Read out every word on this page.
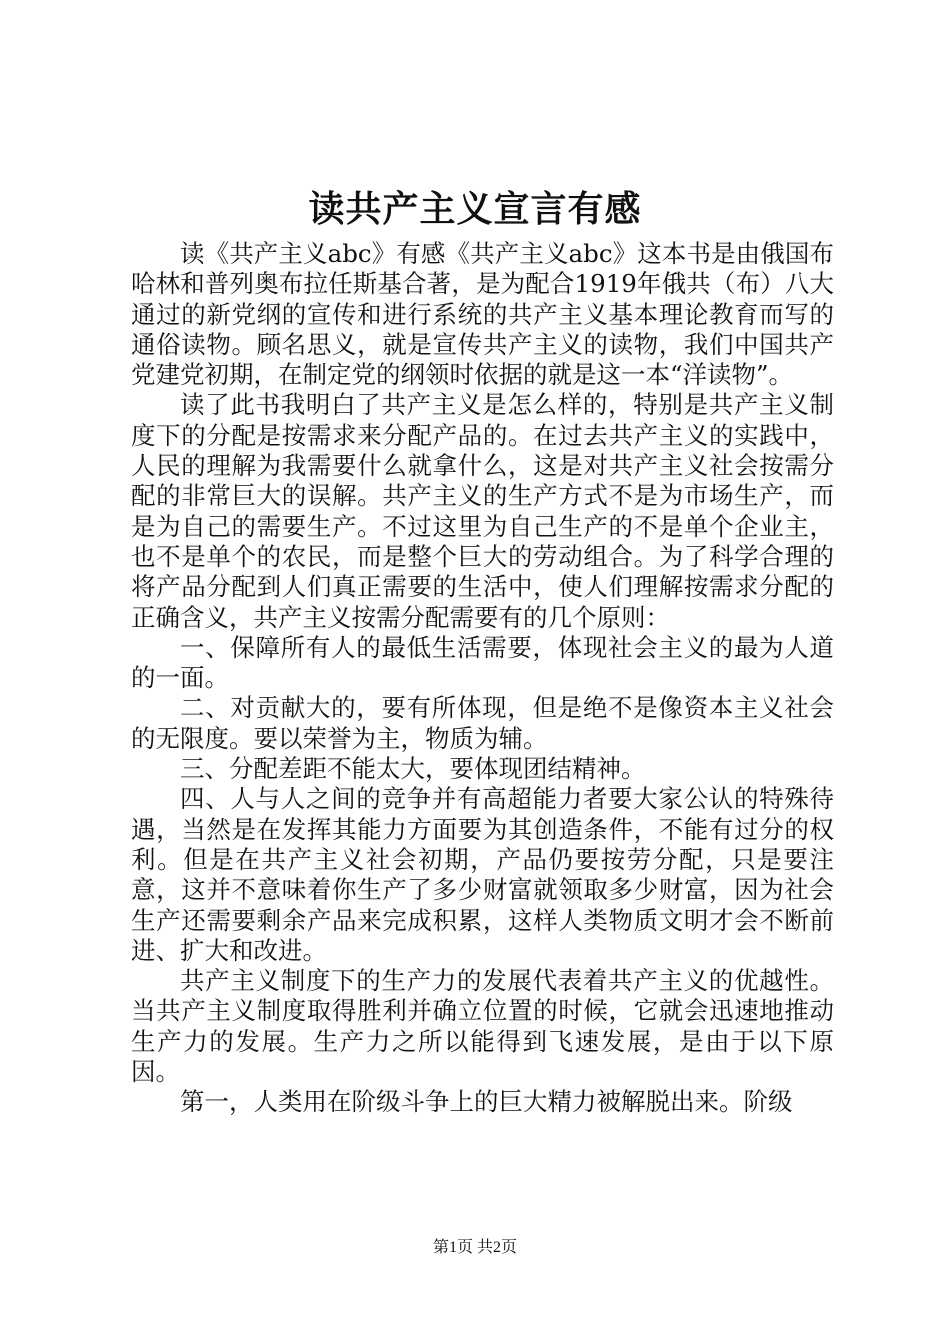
读共产主义宣言有感

读《共产主义abc》有感《共产主义abc》这本书是由俄国布哈林和普列奥布拉任斯基合著，是为配合1919年俄共（布）八大通过的新党纲的宣传和进行系统的共产主义基本理论教育而写的通俗读物。顾名思义，就是宣传共产主义的读物，我们中国共产党建党初期，在制定党的纲领时依据的就是这一本“洋读物”。

读了此书我明白了共产主义是怎么样的，特别是共产主义制度下的分配是按需求来分配产品的。在过去共产主义的实践中，人民的理解为我需要什么就拿什么，这是对共产主义社会按需分配的非常巨大的误解。共产主义的生产方式不是为市场生产，而是为自己的需要生产。不过这里为自己生产的不是单个企业主，也不是单个的农民，而是整个巨大的劳动组合。为了科学合理的将产品分配到人们真正需要的生活中，使人们理解按需求分配的正确含义，共产主义按需分配需要有的几个原则：

一、保障所有人的最低生活需要，体现社会主义的最为人道的一面。

二、对贡献大的，要有所体现，但是绝不是像资本主义社会的无限度。要以荣誉为主，物质为辅。

三、分配差距不能太大，要体现团结精神。

四、人与人之间的竞争并有高超能力者要大家公认的特殊待遇，当然是在发挥其能力方面要为其创造条件，不能有过分的权利。但是在共产主义社会初期，产品仍要按劳分配，只是要注意，这并不意味着你生产了多少财富就领取多少财富，因为社会生产还需要剩余产品来完成积累，这样人类物质文明才会不断前进、扩大和改进。

共产主义制度下的生产力的发展代表着共产主义的优越性。当共产主义制度取得胜利并确立位置的时候，它就会迅速地推动生产力的发展。生产力之所以能得到飞速发展，是由于以下原因。

第一，人类用在阶级斗争上的巨大精力被解脱出来。阶级

第1页 共2页
